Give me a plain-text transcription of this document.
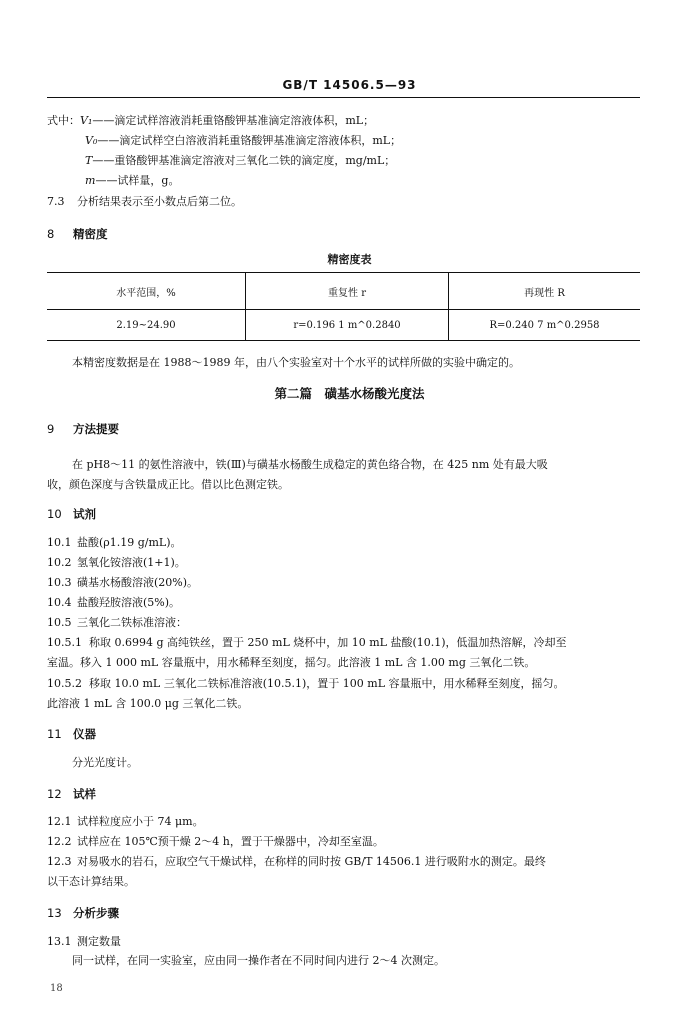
GB/T 14506.5—93
式中：V₁——滴定试样溶液消耗重铬酸钾基准滴定溶液体积，mL；
V₀——滴定试样空白溶液消耗重铬酸钾基准滴定溶液体积，mL；
T——重铬酸钾基准滴定溶液对三氧化二铁的滴定度，mg/mL；
m——试样量，g。
7.3 分析结果表示至小数点后第二位。
8 精密度
精密度表
水平范围，%	重复性 r	再现性 R
2.19~24.90	r=0.196 1 m^0.2840	R=0.240 7 m^0.2958
本精密度数据是在 1988～1989 年，由八个实验室对十个水平的试样所做的实验中确定的。
第二篇　磺基水杨酸光度法
9 方法提要
在 pH8～11 的氨性溶液中，铁(Ⅲ)与磺基水杨酸生成稳定的黄色络合物，在 425 nm 处有最大吸
收，颜色深度与含铁量成正比。借以比色测定铁。
10 试剂
10.1 盐酸(ρ1.19 g/mL)。
10.2 氢氧化铵溶液(1+1)。
10.3 磺基水杨酸溶液(20%)。
10.4 盐酸羟胺溶液(5%)。
10.5 三氧化二铁标准溶液：
10.5.1 称取 0.6994 g 高纯铁丝，置于 250 mL 烧杯中，加 10 mL 盐酸(10.1)，低温加热溶解，冷却至
室温。移入 1 000 mL 容量瓶中，用水稀释至刻度，摇匀。此溶液 1 mL 含 1.00 mg 三氧化二铁。
10.5.2 移取 10.0 mL 三氧化二铁标准溶液(10.5.1)，置于 100 mL 容量瓶中，用水稀释至刻度，摇匀。
此溶液 1 mL 含 100.0 μg 三氧化二铁。
11 仪器
分光光度计。
12 试样
12.1 试样粒度应小于 74 μm。
12.2 试样应在 105℃预干燥 2～4 h，置于干燥器中，冷却至室温。
12.3 对易吸水的岩石，应取空气干燥试样，在称样的同时按 GB/T 14506.1 进行吸附水的测定。最终
以干态计算结果。
13 分析步骤
13.1 测定数量
同一试样，在同一实验室，应由同一操作者在不同时间内进行 2～4 次测定。
18
